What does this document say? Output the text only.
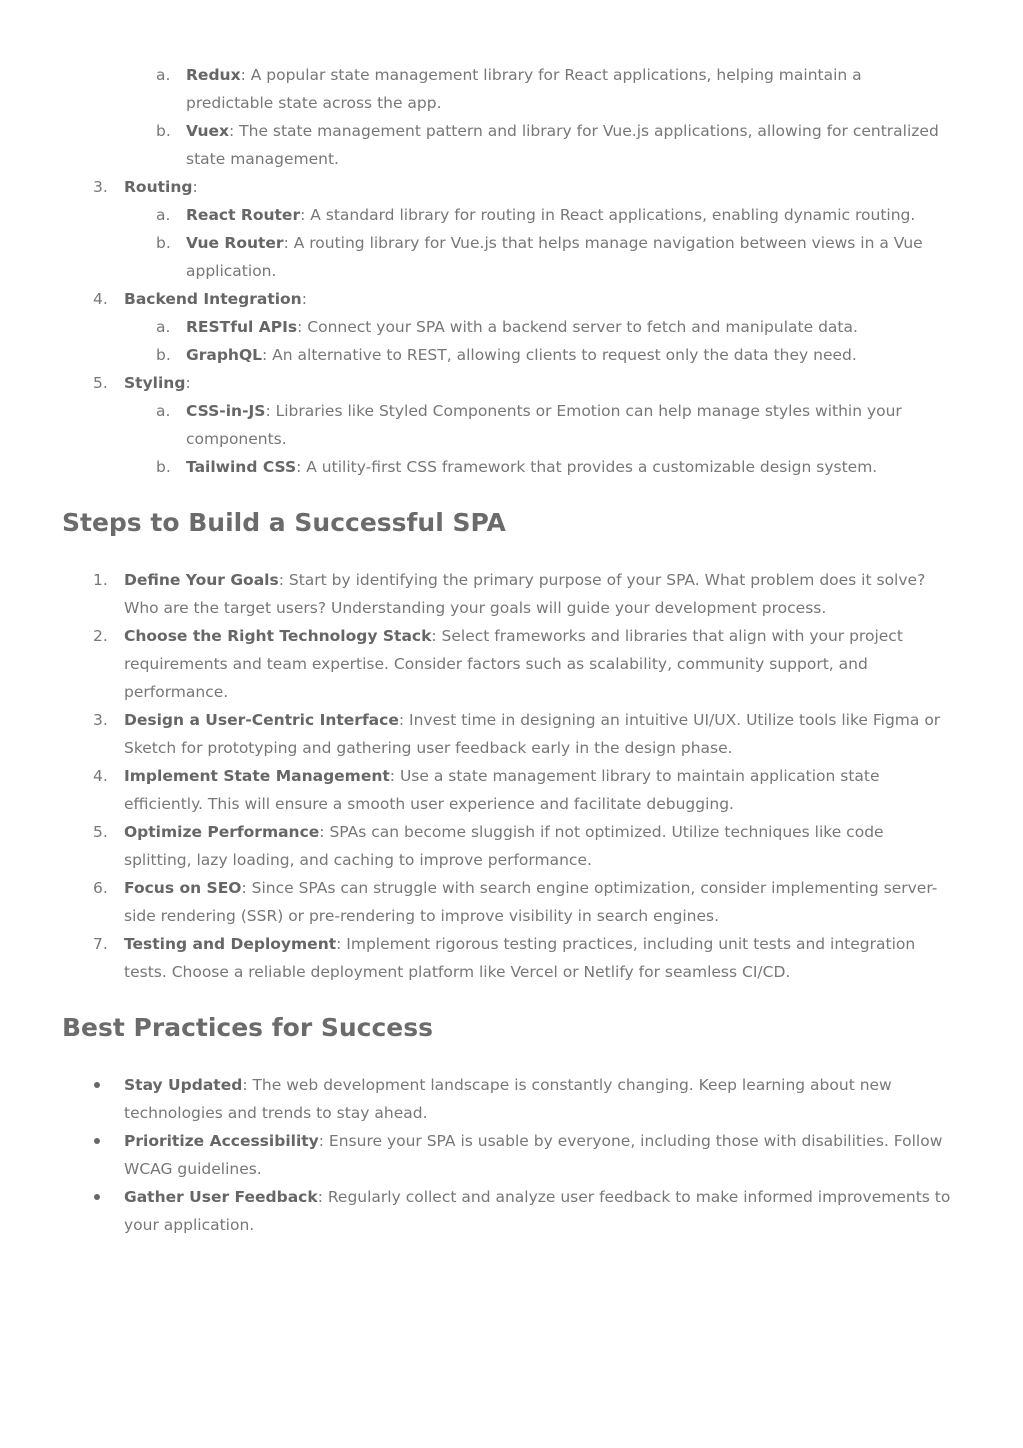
a. Redux: A popular state management library for React applications, helping maintain a
predictable state across the app.
b. Vuex: The state management pattern and library for Vue.js applications, allowing for centralized
state management.
3. Routing:
a. React Router: A standard library for routing in React applications, enabling dynamic routing.
b. Vue Router: A routing library for Vue.js that helps manage navigation between views in a Vue
application.
4. Backend Integration:
a. RESTful APIs: Connect your SPA with a backend server to fetch and manipulate data.
b. GraphQL: An alternative to REST, allowing clients to request only the data they need.
5. Styling:
a. CSS-in-JS: Libraries like Styled Components or Emotion can help manage styles within your
components.
b. Tailwind CSS: A utility-first CSS framework that provides a customizable design system.
Steps to Build a Successful SPA
1. Define Your Goals: Start by identifying the primary purpose of your SPA. What problem does it solve?
Who are the target users? Understanding your goals will guide your development process.
2. Choose the Right Technology Stack: Select frameworks and libraries that align with your project
requirements and team expertise. Consider factors such as scalability, community support, and
performance.
3. Design a User-Centric Interface: Invest time in designing an intuitive UI/UX. Utilize tools like Figma or
Sketch for prototyping and gathering user feedback early in the design phase.
4. Implement State Management: Use a state management library to maintain application state
efficiently. This will ensure a smooth user experience and facilitate debugging.
5. Optimize Performance: SPAs can become sluggish if not optimized. Utilize techniques like code
splitting, lazy loading, and caching to improve performance.
6. Focus on SEO: Since SPAs can struggle with search engine optimization, consider implementing server-
side rendering (SSR) or pre-rendering to improve visibility in search engines.
7. Testing and Deployment: Implement rigorous testing practices, including unit tests and integration
tests. Choose a reliable deployment platform like Vercel or Netlify for seamless CI/CD.
Best Practices for Success
Stay Updated: The web development landscape is constantly changing. Keep learning about new
technologies and trends to stay ahead.
Prioritize Accessibility: Ensure your SPA is usable by everyone, including those with disabilities. Follow
WCAG guidelines.
Gather User Feedback: Regularly collect and analyze user feedback to make informed improvements to
your application.
